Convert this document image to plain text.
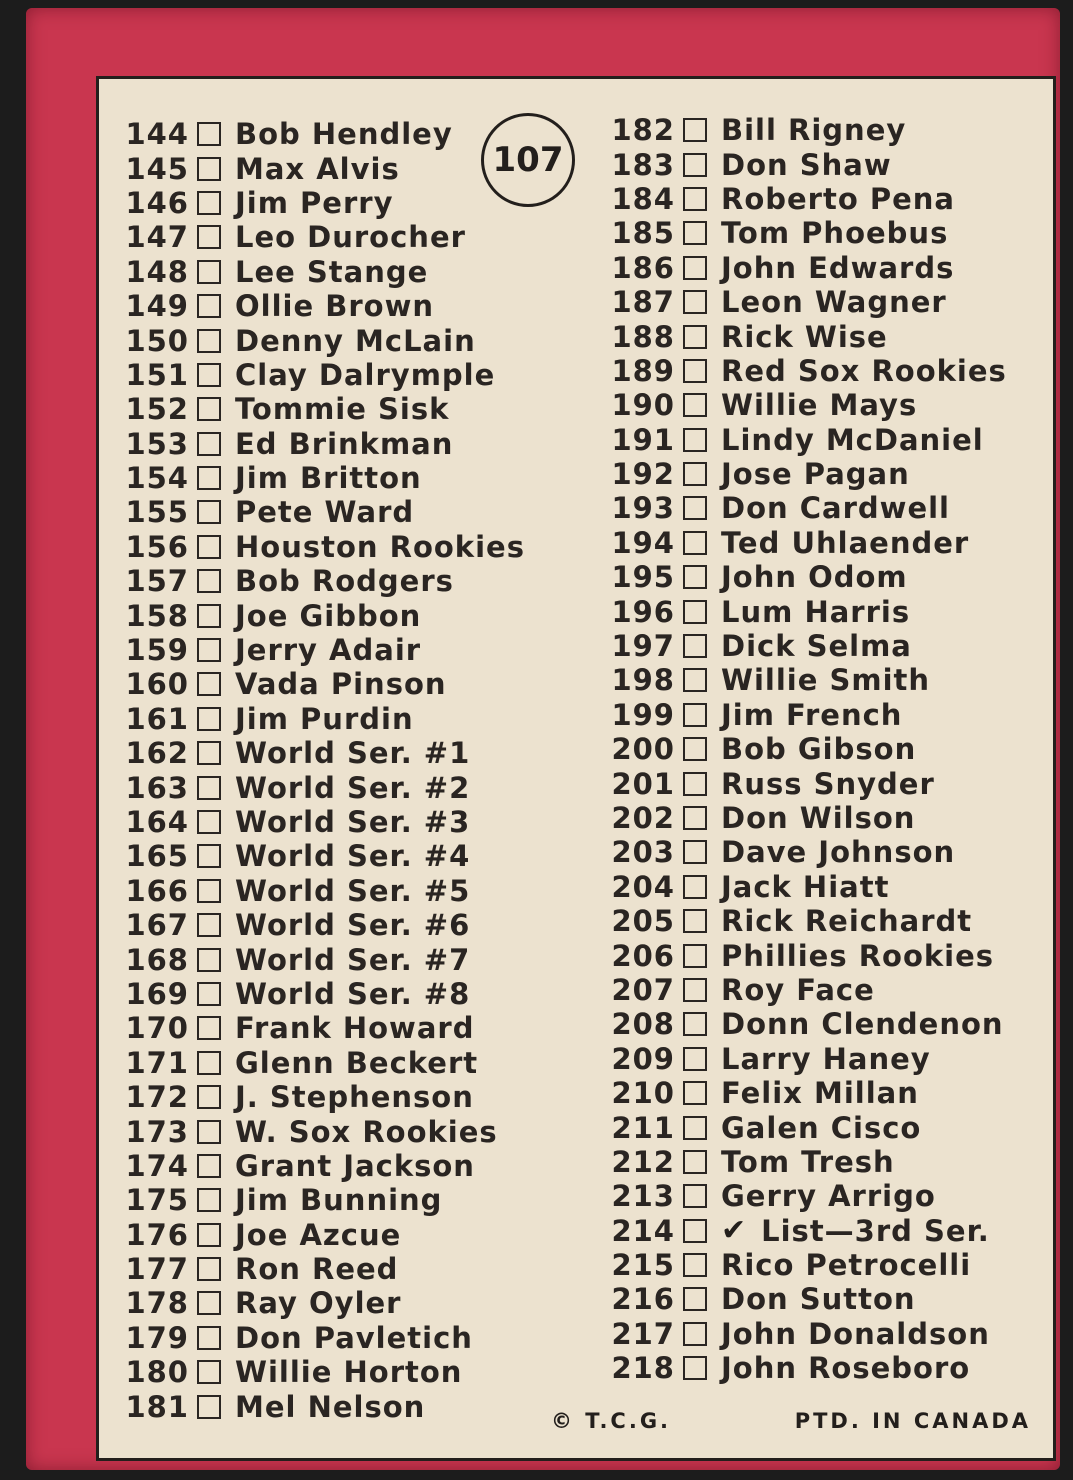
107
144 Bob Hendley
145 Max Alvis
146 Jim Perry
147 Leo Durocher
148 Lee Stange
149 Ollie Brown
150 Denny McLain
151 Clay Dalrymple
152 Tommie Sisk
153 Ed Brinkman
154 Jim Britton
155 Pete Ward
156 Houston Rookies
157 Bob Rodgers
158 Joe Gibbon
159 Jerry Adair
160 Vada Pinson
161 Jim Purdin
162 World Ser. #1
163 World Ser. #2
164 World Ser. #3
165 World Ser. #4
166 World Ser. #5
167 World Ser. #6
168 World Ser. #7
169 World Ser. #8
170 Frank Howard
171 Glenn Beckert
172 J. Stephenson
173 W. Sox Rookies
174 Grant Jackson
175 Jim Bunning
176 Joe Azcue
177 Ron Reed
178 Ray Oyler
179 Don Pavletich
180 Willie Horton
181 Mel Nelson
182 Bill Rigney
183 Don Shaw
184 Roberto Pena
185 Tom Phoebus
186 John Edwards
187 Leon Wagner
188 Rick Wise
189 Red Sox Rookies
190 Willie Mays
191 Lindy McDaniel
192 Jose Pagan
193 Don Cardwell
194 Ted Uhlaender
195 John Odom
196 Lum Harris
197 Dick Selma
198 Willie Smith
199 Jim French
200 Bob Gibson
201 Russ Snyder
202 Don Wilson
203 Dave Johnson
204 Jack Hiatt
205 Rick Reichardt
206 Phillies Rookies
207 Roy Face
208 Donn Clendenon
209 Larry Haney
210 Felix Millan
211 Galen Cisco
212 Tom Tresh
213 Gerry Arrigo
214 ✔ List—3rd Ser.
215 Rico Petrocelli
216 Don Sutton
217 John Donaldson
218 John Roseboro
© T.C.G.	PTD. IN CANADA
